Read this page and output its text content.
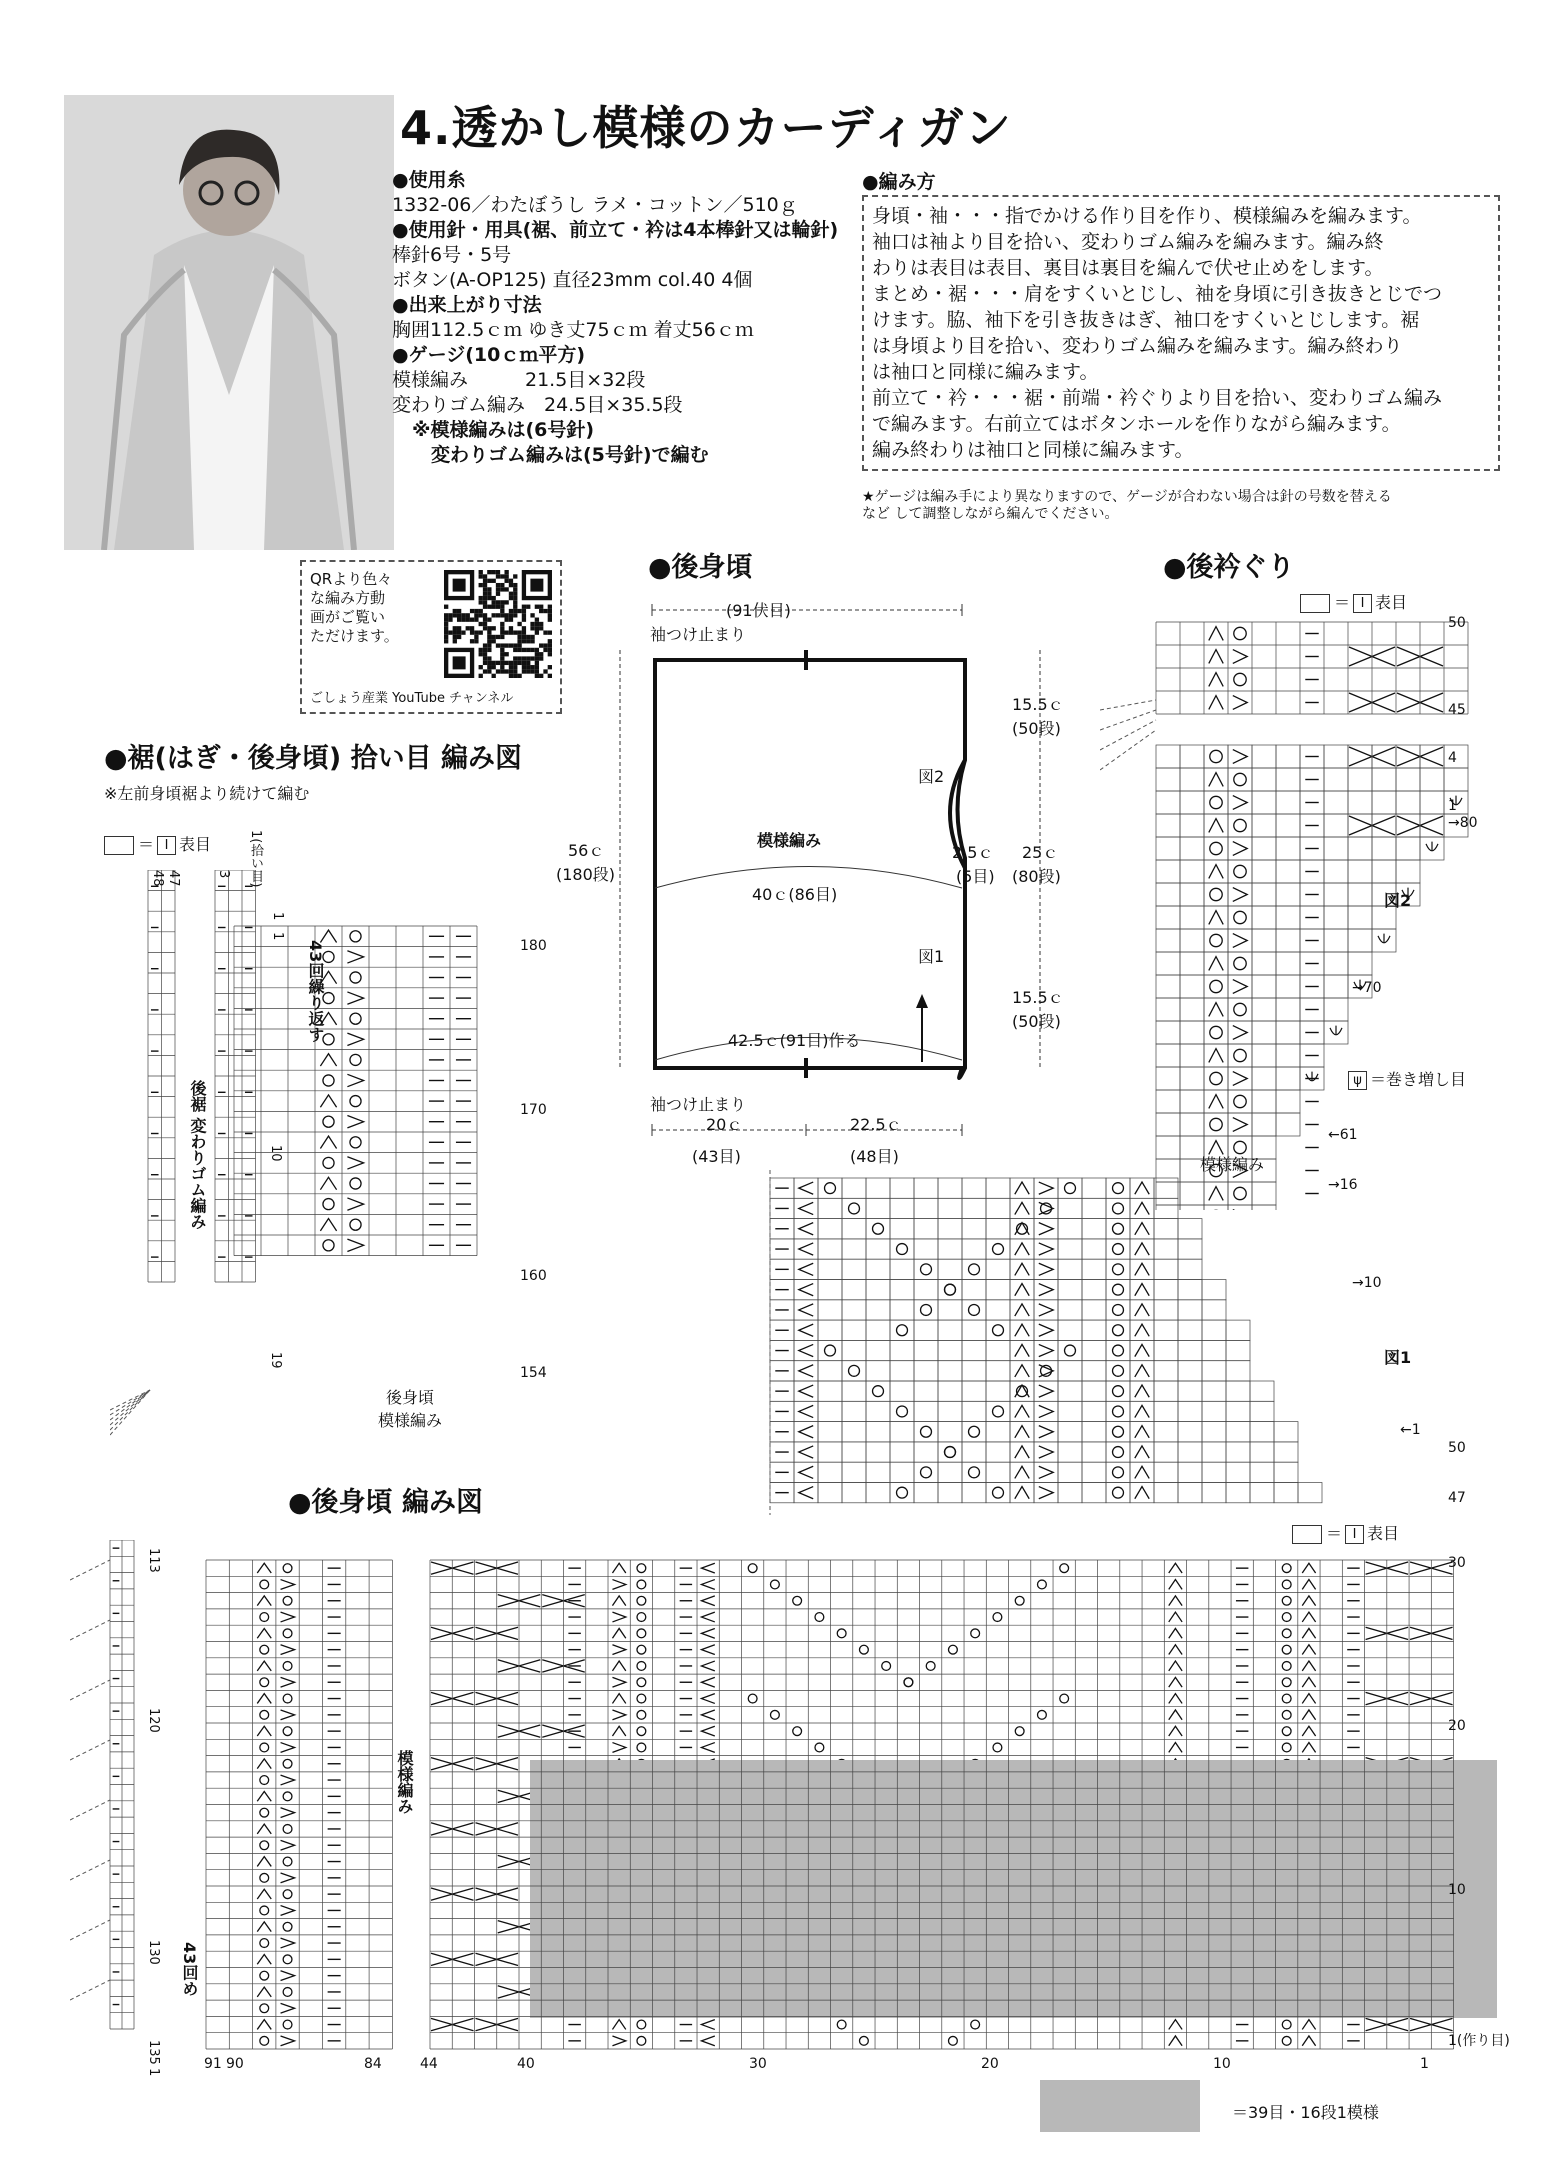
4.透かし模様のカーディガン
●使用糸
1332-06／わたぼうし ラメ・コットン／510ｇ
●使用針・用具(裾、前立て・衿は4本棒針又は輪針)
棒針6号・5号
ボタン(A-OP125) 直径23mm col.40 4個
●出来上がり寸法
胸囲112.5ｃｍ ゆき丈75ｃｍ 着丈56ｃｍ
●ゲージ(10ｃｍ平方)
模様編み　　　21.5目×32段
変わりゴム編み　24.5目×35.5段
※模様編みは(6号針)
　変わりゴム編みは(5号針)で編む
●編み方
身頃・袖・・・指でかける作り目を作り、模様編みを編みます。
袖口は袖より目を拾い、変わりゴム編みを編みます。編み終
わりは表目は表目、裏目は裏目を編んで伏せ止めをします。
まとめ・裾・・・肩をすくいとじし、袖を身頃に引き抜きとじでつ
けます。脇、袖下を引き抜きはぎ、袖口をすくいとじします。裾
は身頃より目を拾い、変わりゴム編みを編みます。編み終わり
は袖口と同様に編みます。
前立て・衿・・・裾・前端・衿ぐりより目を拾い、変わりゴム編み
で編みます。右前立てはボタンホールを作りながら編みます。
編み終わりは袖口と同様に編みます。
★ゲージは編み手により異なりますので、ゲージが合わない場合は針の号数を替える
など して調整しながら編んでください。
QRより色々
な編み方動
画がご覧い
ただけます。
ごしょう産業 YouTube チャンネル
●後身頃	●後衿ぐり
●裾(はぎ・後身頃) 拾い目 編み図
※左前身頃裾より続けて編む
●後身頃 編み図
(91伏目)
袖つけ止まり
袖つけ止まり
15.5ｃ
(50段)
25ｃ
(80段)
15.5ｃ
(50段)
56ｃ
(180段)
模様編み
2.5ｃ
(5目)
40ｃ(86目)
42.5ｃ(91目)作る
図2
図1
20ｃ
(43目)
22.5ｃ
(48目)
＝ I 表目
＝ I 表目
＝ I 表目
ψ ＝巻き増し目
＝39目・16段1模様
48 47	3 1(拾い目)
後裾 変わりゴム編み
43回繰り返す
1
1
10
19
180
170
160
154
後身頃
模様編み
50
45
4
1
→80
→70
←61
図2
模様編み
→16
→10
←1
50
47
図1
30
20
10
1(作り目)
91 90	84	44	40	30	20	10	1
113
120
130
135
1
43回め
模様編み
